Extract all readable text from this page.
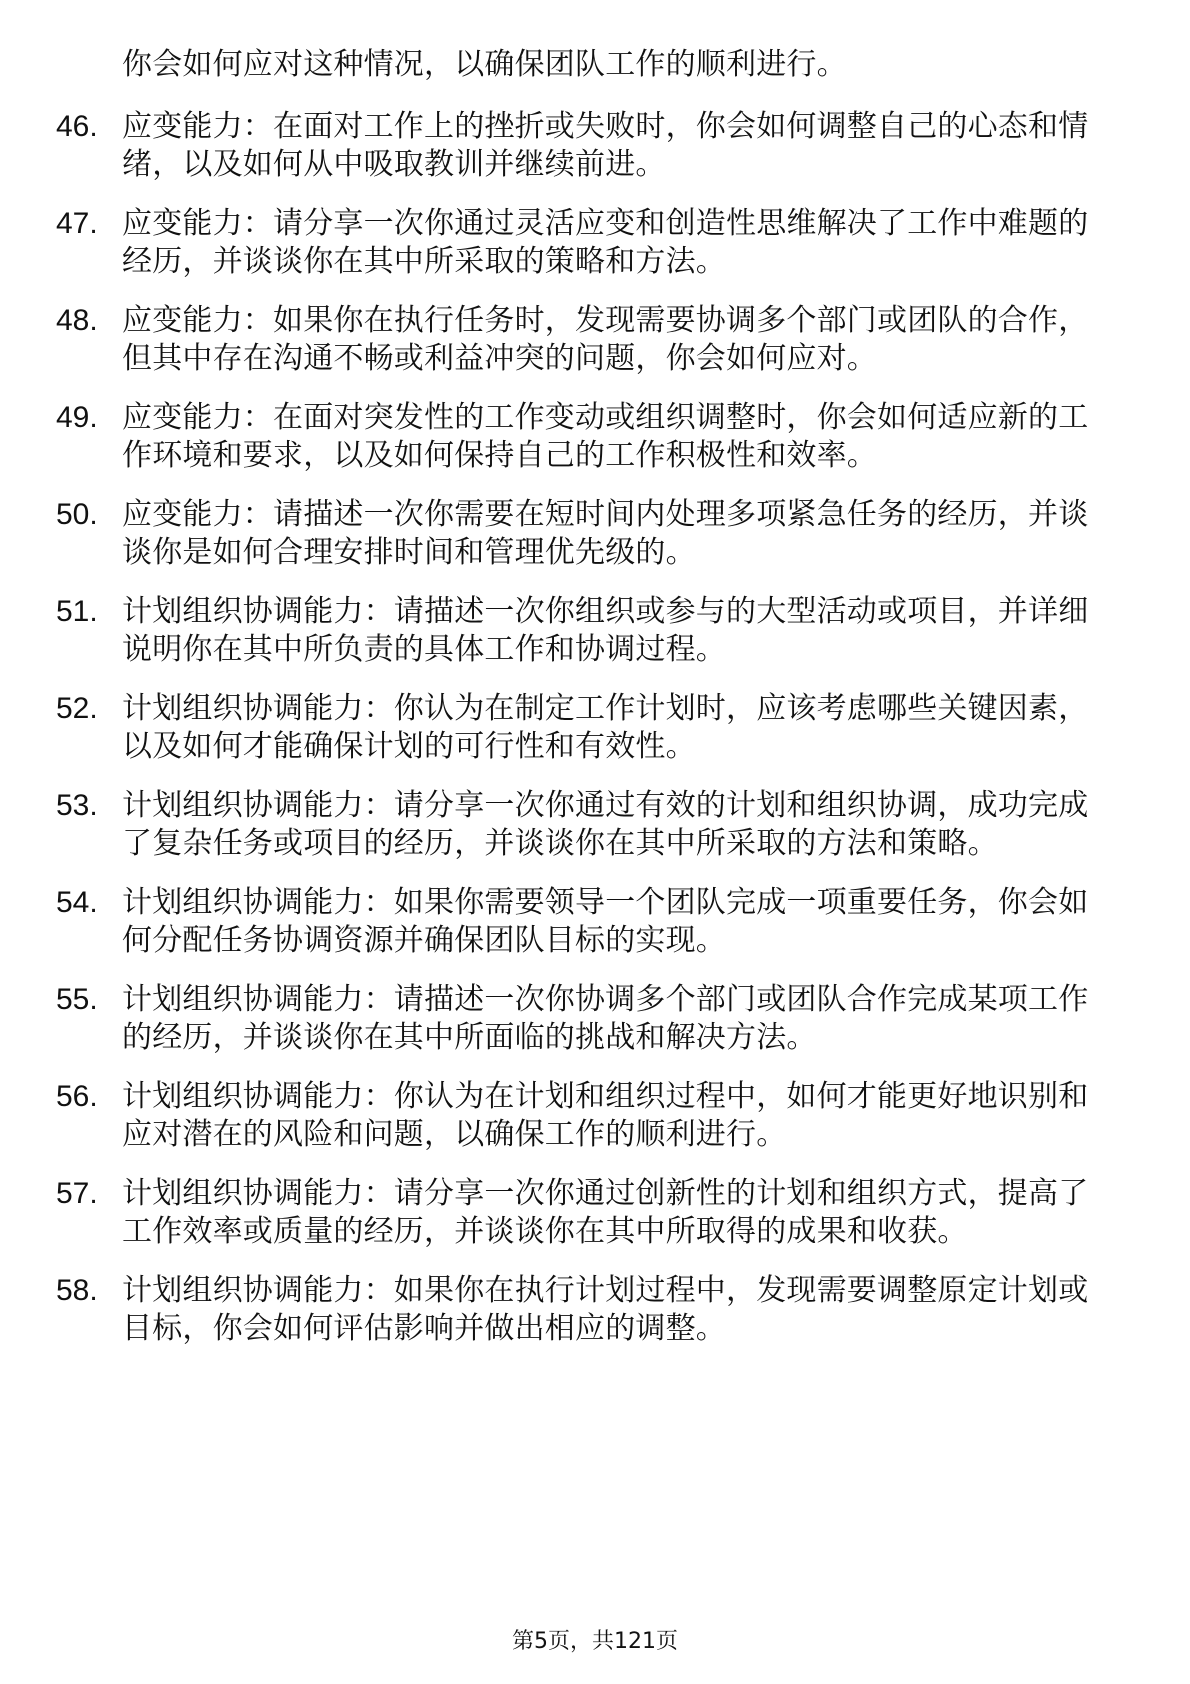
你会如何应对这种情况，以确保团队工作的顺利进行。
46. 应变能力：在面对工作上的挫折或失败时，你会如何调整自己的心态和情绪，以及如何从中吸取教训并继续前进。
47. 应变能力：请分享一次你通过灵活应变和创造性思维解决了工作中难题的经历，并谈谈你在其中所采取的策略和方法。
48. 应变能力：如果你在执行任务时，发现需要协调多个部门或团队的合作，但其中存在沟通不畅或利益冲突的问题，你会如何应对。
49. 应变能力：在面对突发性的工作变动或组织调整时，你会如何适应新的工作环境和要求，以及如何保持自己的工作积极性和效率。
50. 应变能力：请描述一次你需要在短时间内处理多项紧急任务的经历，并谈谈你是如何合理安排时间和管理优先级的。
51. 计划组织协调能力：请描述一次你组织或参与的大型活动或项目，并详细说明你在其中所负责的具体工作和协调过程。
52. 计划组织协调能力：你认为在制定工作计划时，应该考虑哪些关键因素，以及如何才能确保计划的可行性和有效性。
53. 计划组织协调能力：请分享一次你通过有效的计划和组织协调，成功完成了复杂任务或项目的经历，并谈谈你在其中所采取的方法和策略。
54. 计划组织协调能力：如果你需要领导一个团队完成一项重要任务，你会如何分配任务协调资源并确保团队目标的实现。
55. 计划组织协调能力：请描述一次你协调多个部门或团队合作完成某项工作的经历，并谈谈你在其中所面临的挑战和解决方法。
56. 计划组织协调能力：你认为在计划和组织过程中，如何才能更好地识别和应对潜在的风险和问题，以确保工作的顺利进行。
57. 计划组织协调能力：请分享一次你通过创新性的计划和组织方式，提高了工作效率或质量的经历，并谈谈你在其中所取得的成果和收获。
58. 计划组织协调能力：如果你在执行计划过程中，发现需要调整原定计划或目标，你会如何评估影响并做出相应的调整。
第5页，共121页
